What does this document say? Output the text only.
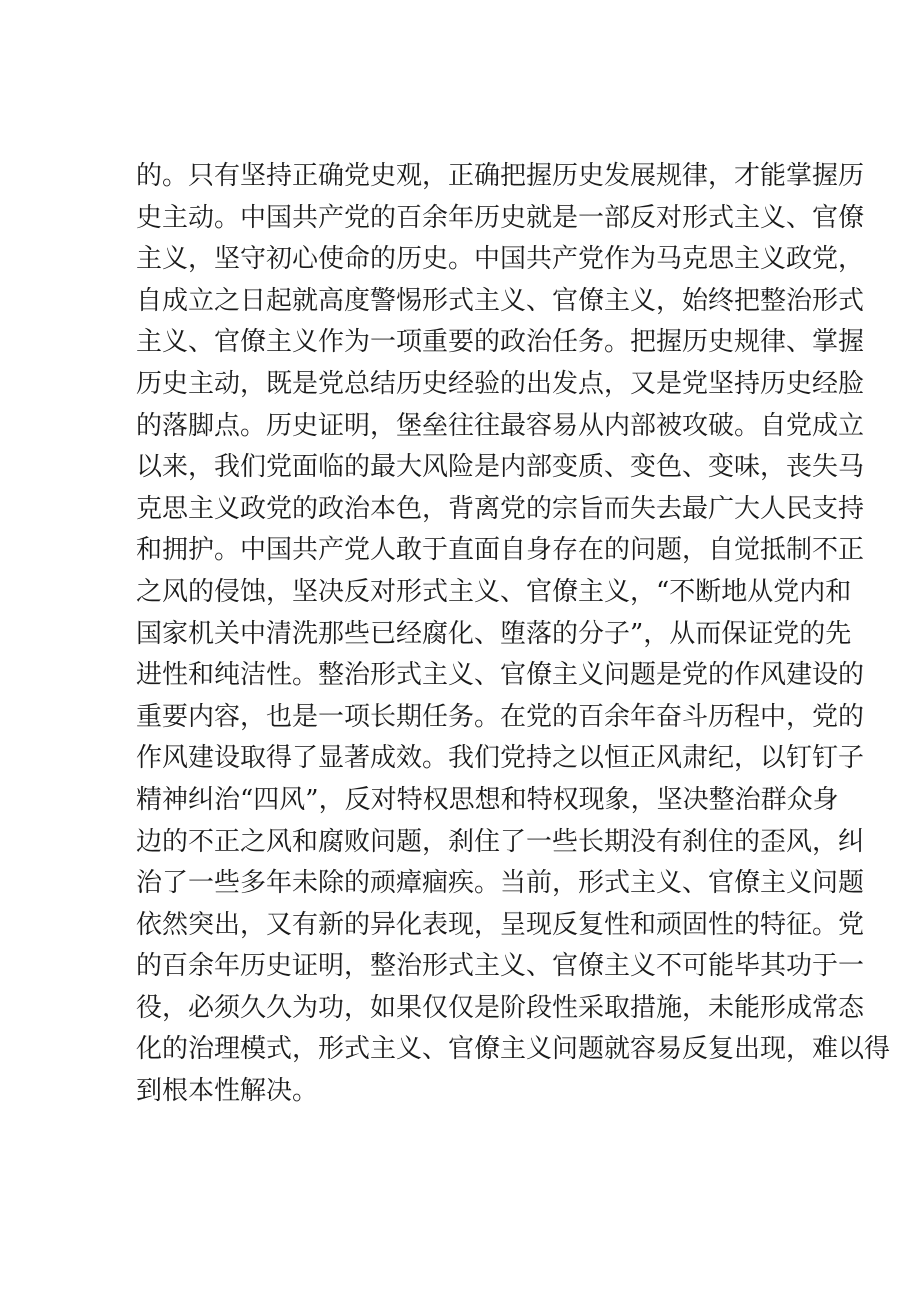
的。只有坚持正确党史观，正确把握历史发展规律，才能掌握历
史主动。中国共产党的百余年历史就是一部反对形式主义、官僚
主义，坚守初心使命的历史。中国共产党作为马克思主义政党，
自成立之日起就高度警惕形式主义、官僚主义，始终把整治形式
主义、官僚主义作为一项重要的政治任务。把握历史规律、掌握
历史主动，既是党总结历史经验的出发点，又是党坚持历史经脸
的落脚点。历史证明，堡垒往往最容易从内部被攻破。自党成立
以来，我们党面临的最大风险是内部变质、变色、变味，丧失马
克思主义政党的政治本色，背离党的宗旨而失去最广大人民支持
和拥护。中国共产党人敢于直面自身存在的问题，自觉抵制不正
之风的侵蚀，坚决反对形式主义、官僚主义，“不断地从党内和
国家机关中清洗那些已经腐化、堕落的分子”，从而保证党的先
进性和纯洁性。整治形式主义、官僚主义问题是党的作风建设的
重要内容，也是一项长期任务。在党的百余年奋斗历程中，党的
作风建设取得了显著成效。我们党持之以恒正风肃纪，以钉钉子
精神纠治“四风”，反对特权思想和特权现象，坚决整治群众身
边的不正之风和腐败问题，刹住了一些长期没有刹住的歪风，纠
治了一些多年未除的顽瘴痼疾。当前，形式主义、官僚主义问题
依然突出，又有新的异化表现，呈现反复性和顽固性的特征。党
的百余年历史证明，整治形式主义、官僚主义不可能毕其功于一
役，必须久久为功，如果仅仅是阶段性采取措施，未能形成常态
化的治理模式，形式主义、官僚主义问题就容易反复出现，难以得
到根本性解决。
